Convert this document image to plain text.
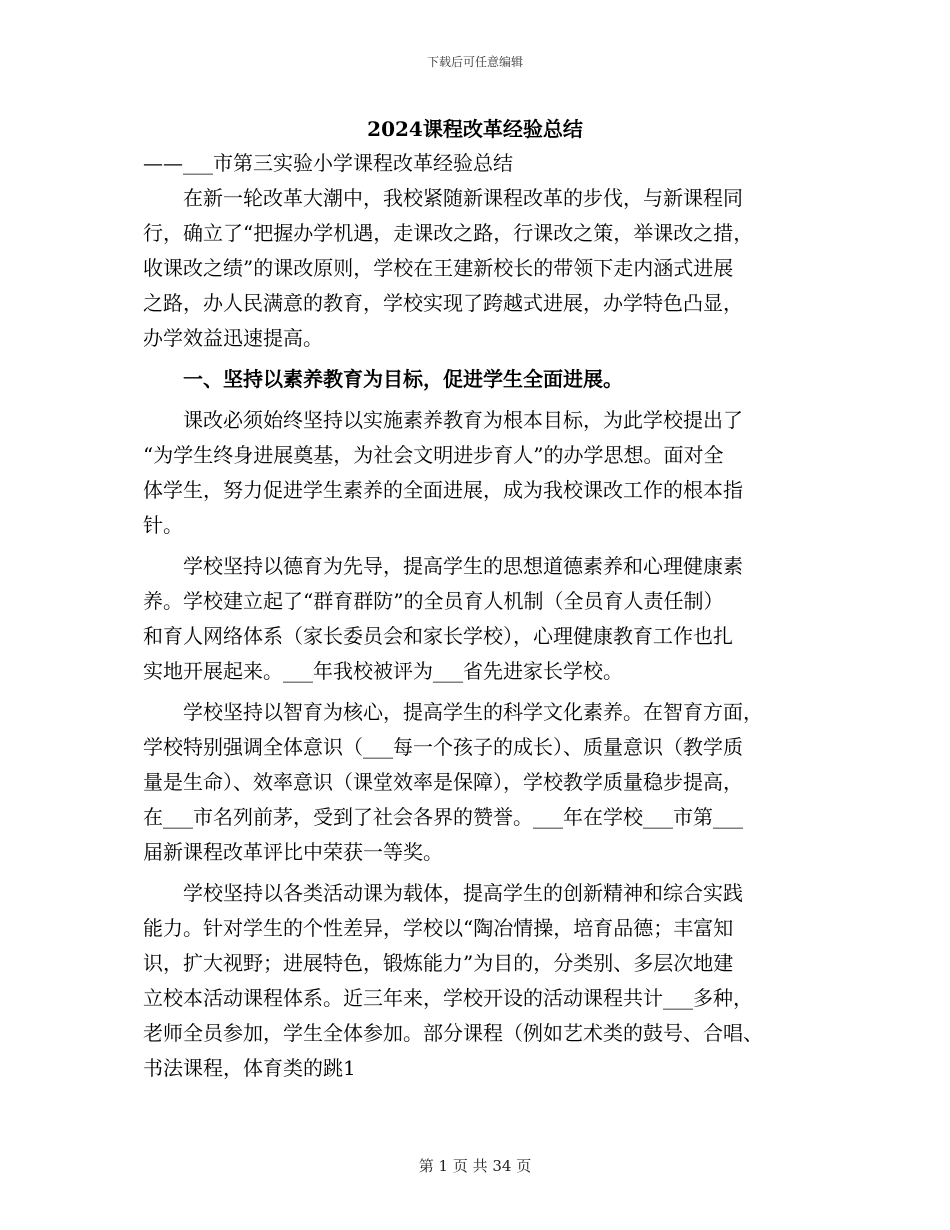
下载后可任意编辑
2024课程改革经验总结

——___市第三实验小学课程改革经验总结

　　在新一轮改革大潮中，我校紧随新课程改革的步伐，与新课程同

行，确立了“把握办学机遇，走课改之路，行课改之策，举课改之措，

收课改之绩”的课改原则，学校在王建新校长的带领下走内涵式进展

之路，办人民满意的教育，学校实现了跨越式进展，办学特色凸显，

办学效益迅速提高。

　　一、坚持以素养教育为目标，促进学生全面进展。

　　课改必须始终坚持以实施素养教育为根本目标，为此学校提出了

“为学生终身进展奠基，为社会文明进步育人”的办学思想。面对全

体学生，努力促进学生素养的全面进展，成为我校课改工作的根本指

针。

　　学校坚持以德育为先导，提高学生的思想道德素养和心理健康素

养。学校建立起了“群育群防”的全员育人机制（全员育人责任制）

和育人网络体系（家长委员会和家长学校），心理健康教育工作也扎

实地开展起来。___年我校被评为___省先进家长学校。

　　学校坚持以智育为核心，提高学生的科学文化素养。在智育方面，

学校特别强调全体意识（___每一个孩子的成长）、质量意识（教学质

量是生命）、效率意识（课堂效率是保障），学校教学质量稳步提高，

在___市名列前茅，受到了社会各界的赞誉。___年在学校___市第___

届新课程改革评比中荣获一等奖。

　　学校坚持以各类活动课为载体，提高学生的创新精神和综合实践

能力。针对学生的个性差异，学校以“陶冶情操，培育品德；丰富知

识，扩大视野；进展特色，锻炼能力”为目的，分类别、多层次地建

立校本活动课程体系。近三年来，学校开设的活动课程共计___多种，

老师全员参加，学生全体参加。部分课程（例如艺术类的鼓号、合唱、

书法课程，体育类的跳1

第 1 页 共 34 页
